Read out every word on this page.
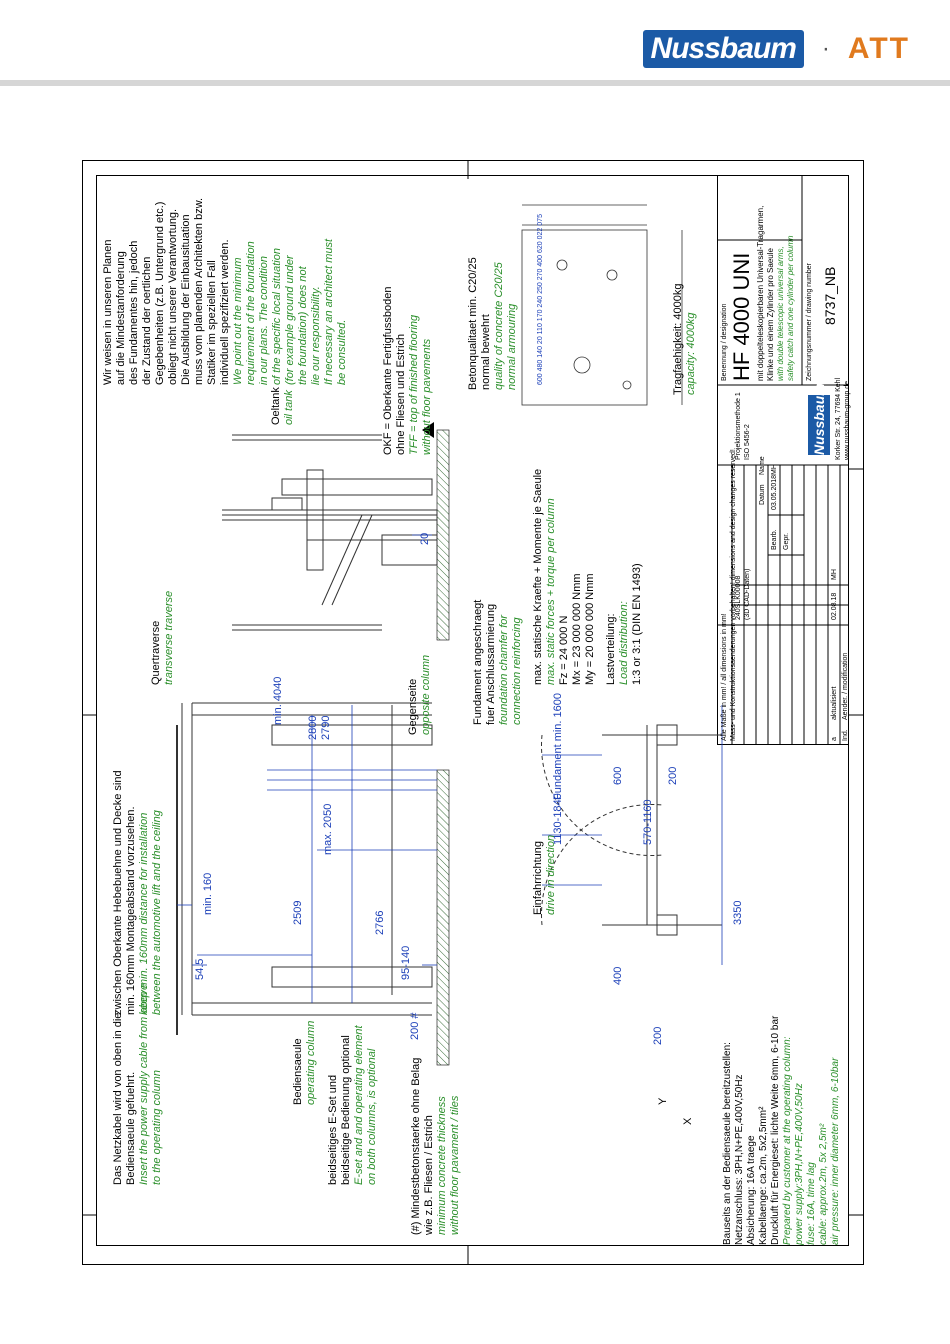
Nussbaum	· ATT
Wir weisen in unseren Planen auf die Mindestanforderung des Fundamentes hin, jedoch der Zustand der oertlichen Gegebenheiten (z.B. Untergrund etc.) obliegt nicht unserer Verantwortung. Die Ausbildung der Einbausituation muss vom planenden Architekten bzw. Statiker im speziellen Fall individuell spezifiziert werden. We point out the minimum requirement of the foundation in our plans. The condition of the specific local situation (for example ground under the foundation) does not lie our responsibility. If necessary an architect must be consulted.	OKF = Oberkante Fertigfussboden ohne Fliesen und Estrich TFF = top of finished flooring without floor pavements
Betonqualitaet min. C20/25 normal bewehrt quality of concrete C20/25 normal armouring
Oeltank oil tank
Quertraverse transverse traverse
20
Tragfaehigkeit: 4000kg capacity: 4000kg
600 480 140 20 110 170 240 250 270 400 620 022 075
max. statische Kraefte + Momente je Saeule max. static forces + torque per column Fz = 24 000 N Mx = 23 000 000 Nmm My = 20 000 000 Nmm Lastverteilung: Load distribution: 1:3 or 3:1 (DIN EN 1493)
Fundament angeschraegt fuer Anschlussarmierung foundation chamfer for connection reinforcing
Gegenseite opposite column
zwischen Oberkante Hebebuehne und Decke sind min. 160mm Montageabstand vorzusehen. keep min. 160mm distance for installation between the automotive lift and the ceiling
min. 4040
2800 2790
max. 2050
min. 160	2509	2766
54.5	95-140
200 #
Das Netzkabel wird von oben in die Bediensaeule gefuehrt. Insert the power supply cable from above to the operating column	Bediensaeule operating column
beidseitiges E-Set und beidseitige Bedienung optional E-set and and operating element on both columns, is optional	(#) Mindestbetonstaerke ohne Belag wie z.B. Fliesen / Estrich minimum concrete thickness without floor pavament / tiles	Bauseits an der Bediensaeule bereitzustellen: Netzanschluss: 3PH,N+PE,400V,50Hz Absicherung: 16A traege Kabellaenge: ca.2m, 5x2,5mm² Druckluft für Energieset: lichte Weite 6mm, 6-10 bar Prepared by customer at the operating column: power supply:3PH,N+PE,400V,50Hz fuse: 16A, time lag cable: approx.2m, 5x 2,5m² air pressure: inner diameter 6mm, 6-10bar
Y
X
Fundament min. 1600	600	200
1130-1840	570-1160
3350
400
200
Einfahrrichtung drive in direction
Alle Maße in mm! / all dimensions in mm! Mass- und Konstruktionsaenderungen vorbehalten! dimensions and design changes reserved!
240SLK00008 (3D CAD-Daten)
Projektionsmethode 1 ISO 5456-2
Datum
Name
Bearb.
03.05.2018
MH
Gepr.
a
aktualisiert
02.08.18
MH
Ind.
Aender. / modification
Nussbaum	Korker Str. 24, 77694 Kehl www.nussbaum-group.de
Benennung / designation HF 4000 UNI mit doppelteleskopierbaren Universal-Tragarmen, Klinke und einem Zylinder pro Saeule with double telescopic universal arms, safety catch and one cylinder per column Zeichnungsnummer / drawing number 8737_NB
